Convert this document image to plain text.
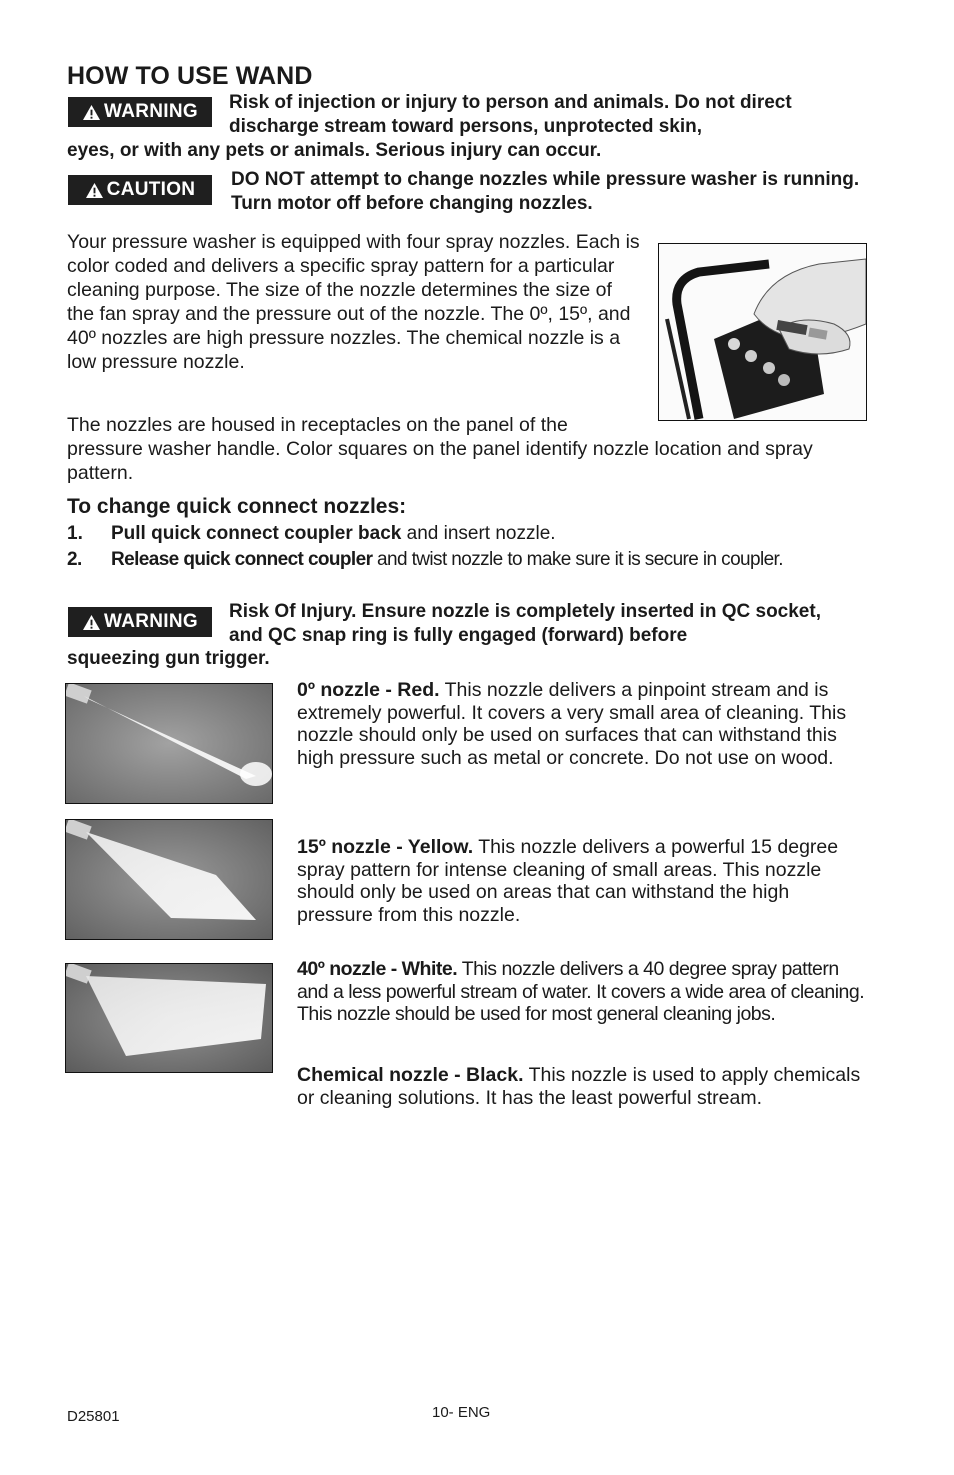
HOW TO USE WAND
WARNING Risk of injection or injury to person and animals. Do not direct discharge stream toward persons, unprotected skin,

eyes, or with any pets or animals. Serious injury can occur.

CAUTION DO NOT attempt to change nozzles while pressure washer is running. Turn motor off before changing nozzles.

Your pressure washer is equipped with four spray nozzles. Each is color coded and delivers a specific spray pattern for a particular cleaning purpose. The size of the nozzle determines the size of the fan spray and the pressure out of the nozzle. The 0º, 15º, and 40º nozzles are high pressure nozzles. The chemical nozzle is a low pressure nozzle.

The nozzles are housed in receptacles on the panel of the

pressure washer handle. Color squares on the panel identify nozzle location and spray pattern.

To change quick connect nozzles:
1. Pull quick connect coupler back and insert nozzle.
2. Release quick connect coupler and twist nozzle to make sure it is secure in coupler.
WARNING Risk Of Injury. Ensure nozzle is completely inserted in QC socket, and QC snap ring is fully engaged (forward) before

squeezing gun trigger.

0º nozzle - Red. This nozzle delivers a pinpoint stream and is extremely powerful. It covers a very small area of cleaning. This nozzle should only be used on surfaces that can withstand this high pressure such as metal or concrete. Do not use on wood.

15º nozzle - Yellow. This nozzle delivers a powerful 15 degree spray pattern for intense cleaning of small areas. This nozzle should only be used on areas that can withstand the high pressure from this nozzle.

40º nozzle - White. This nozzle delivers a 40 degree spray pattern and a less powerful stream of water. It covers a wide area of cleaning. This nozzle should be used for most general cleaning jobs.

Chemical nozzle - Black. This nozzle is used to apply chemicals or cleaning solutions. It has the least powerful stream.

D25801	10- ENG
